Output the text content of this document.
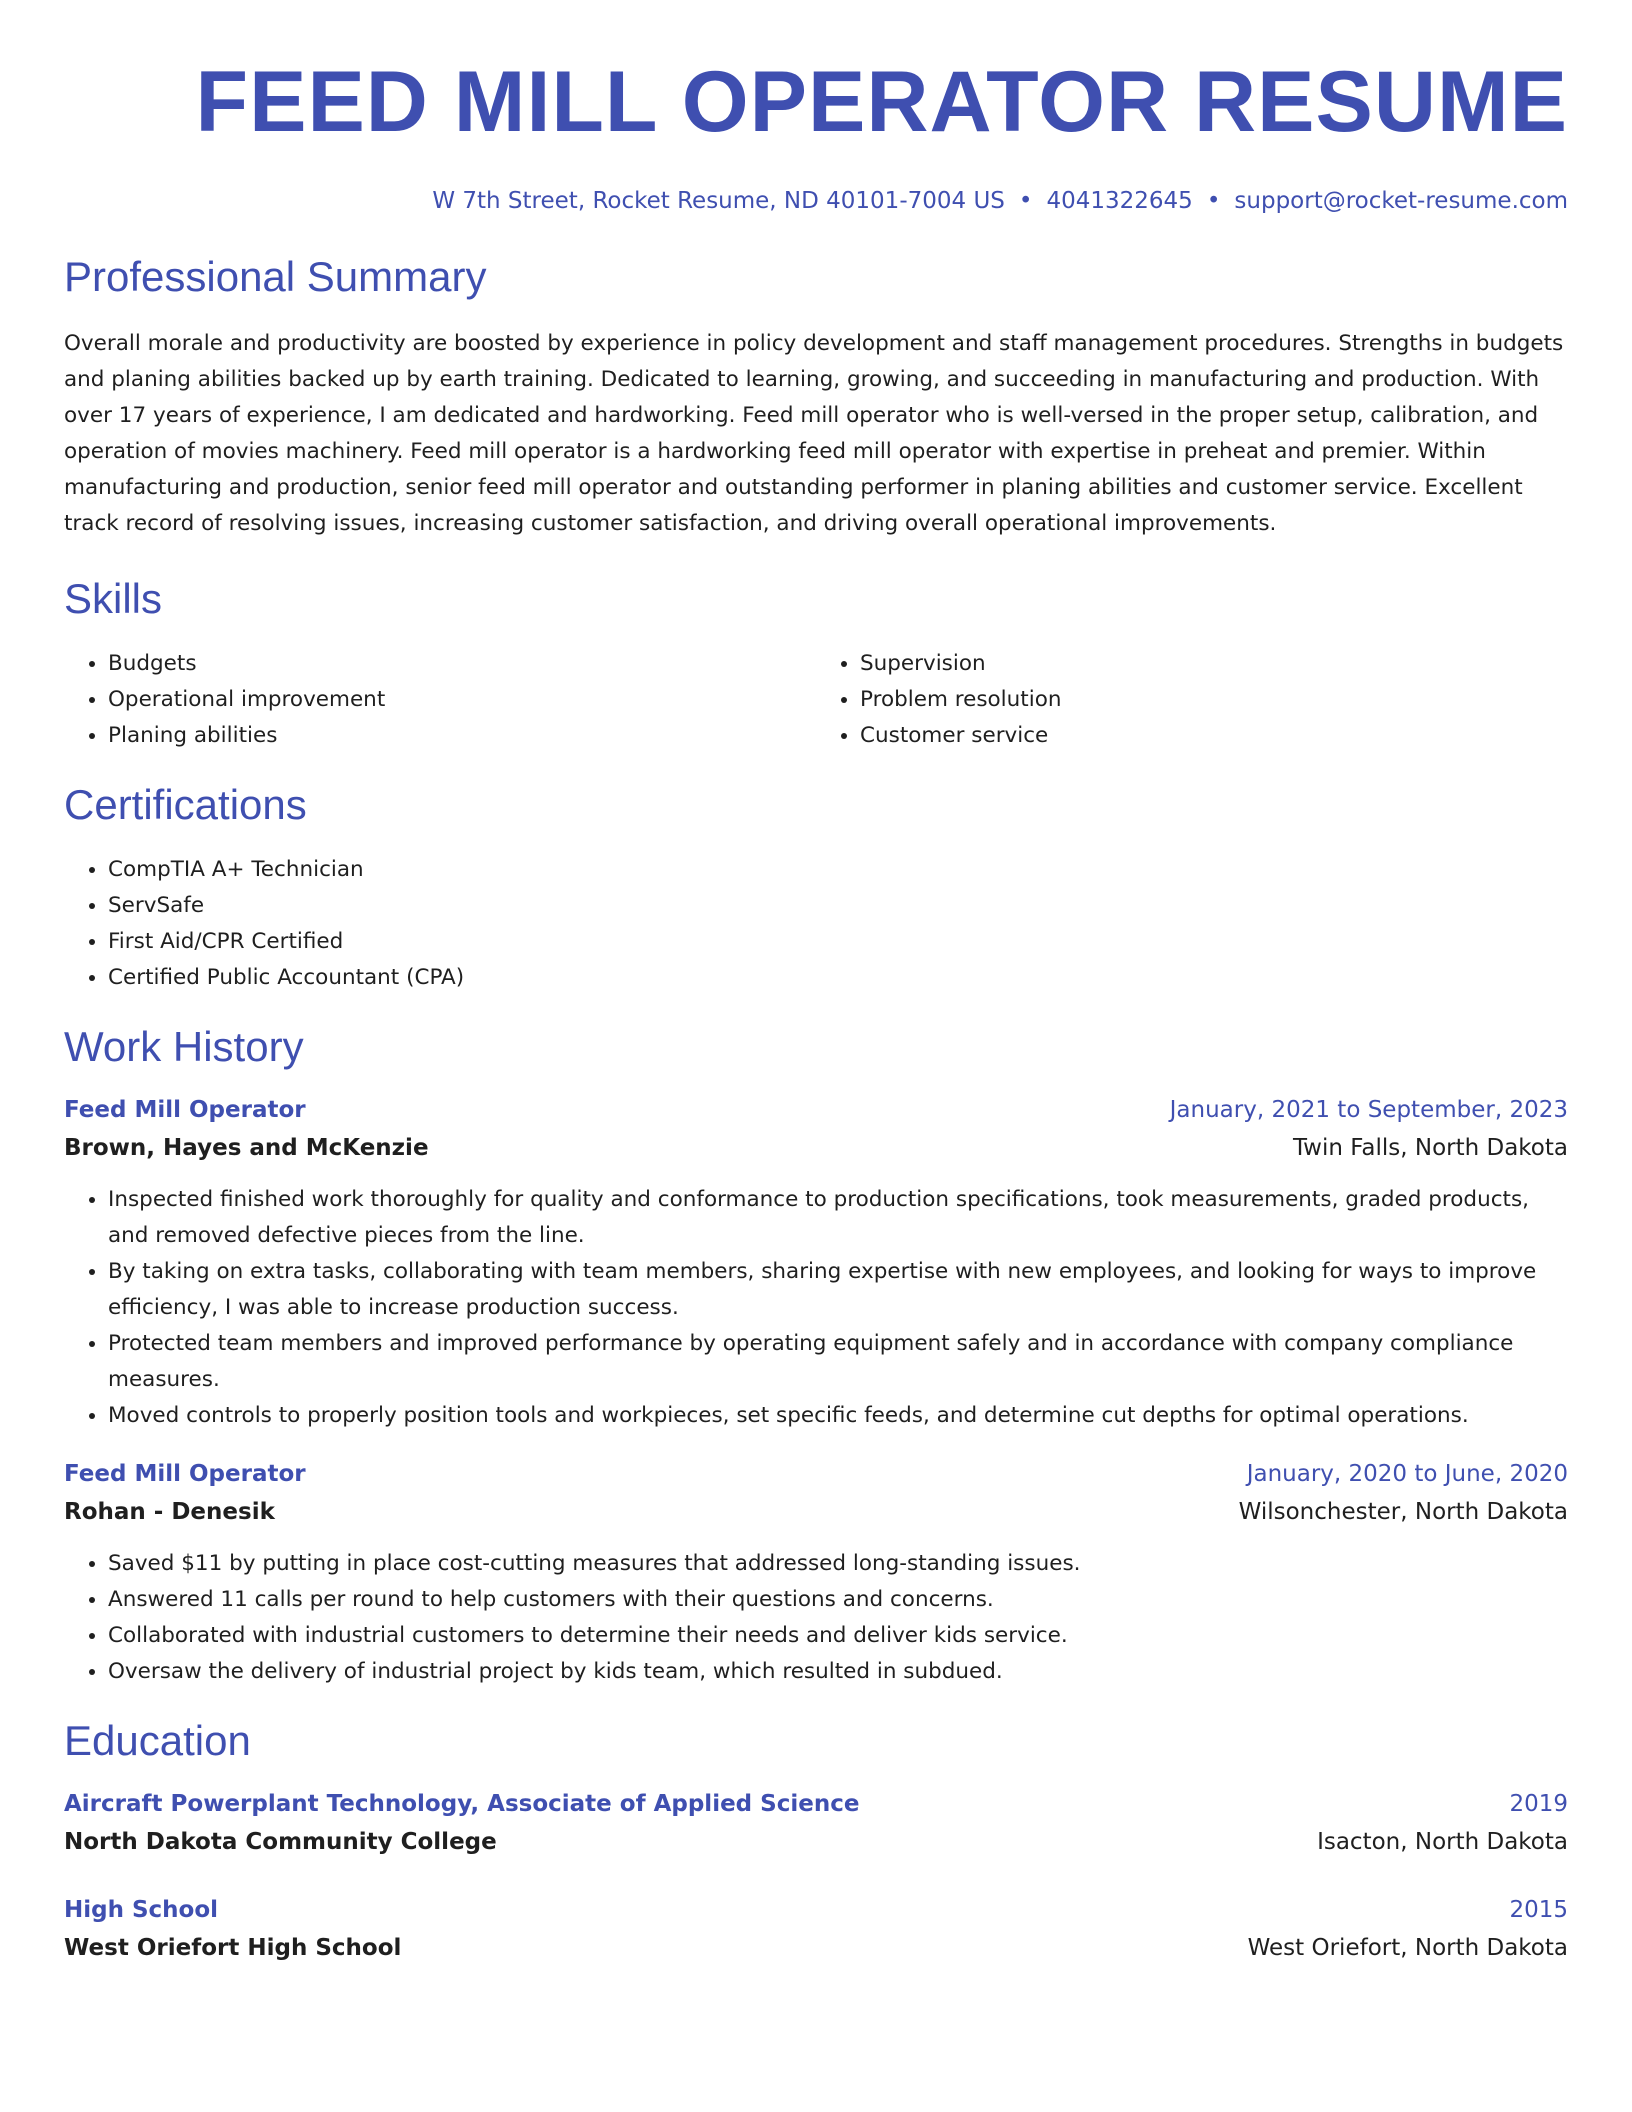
FEED MILL OPERATOR RESUME
W 7th Street, Rocket Resume, ND 40101-7004 US • 4041322645 • support@rocket-resume.com
Professional Summary

Overall morale and productivity are boosted by experience in policy development and staff management procedures. Strengths in budgets and planing abilities backed up by earth training. Dedicated to learning, growing, and succeeding in manufacturing and production. With over 17 years of experience, I am dedicated and hardworking. Feed mill operator who is well-versed in the proper setup, calibration, and operation of movies machinery. Feed mill operator is a hardworking feed mill operator with expertise in preheat and premier. Within manufacturing and production, senior feed mill operator and outstanding performer in planing abilities and customer service. Excellent track record of resolving issues, increasing customer satisfaction, and driving overall operational improvements.

Skills
• Budgets
• Operational improvement
• Planing abilities
• Supervision
• Problem resolution
• Customer service
Certifications
• CompTIA A+ Technician
• ServSafe
• First Aid/CPR Certified
• Certified Public Accountant (CPA)
Work History
Feed Mill Operator	January, 2021 to September, 2023
Brown, Hayes and McKenzie	Twin Falls, North Dakota
• Inspected finished work thoroughly for quality and conformance to production specifications, took measurements, graded products, and removed defective pieces from the line.
• By taking on extra tasks, collaborating with team members, sharing expertise with new employees, and looking for ways to improve efficiency, I was able to increase production success.
• Protected team members and improved performance by operating equipment safely and in accordance with company compliance measures.
• Moved controls to properly position tools and workpieces, set specific feeds, and determine cut depths for optimal operations.
Feed Mill Operator	January, 2020 to June, 2020
Rohan - Denesik	Wilsonchester, North Dakota
• Saved $11 by putting in place cost-cutting measures that addressed long-standing issues.
• Answered 11 calls per round to help customers with their questions and concerns.
• Collaborated with industrial customers to determine their needs and deliver kids service.
• Oversaw the delivery of industrial project by kids team, which resulted in subdued.
Education
Aircraft Powerplant Technology, Associate of Applied Science	2019
North Dakota Community College	Isacton, North Dakota
High School	2015
West Oriefort High School	West Oriefort, North Dakota
